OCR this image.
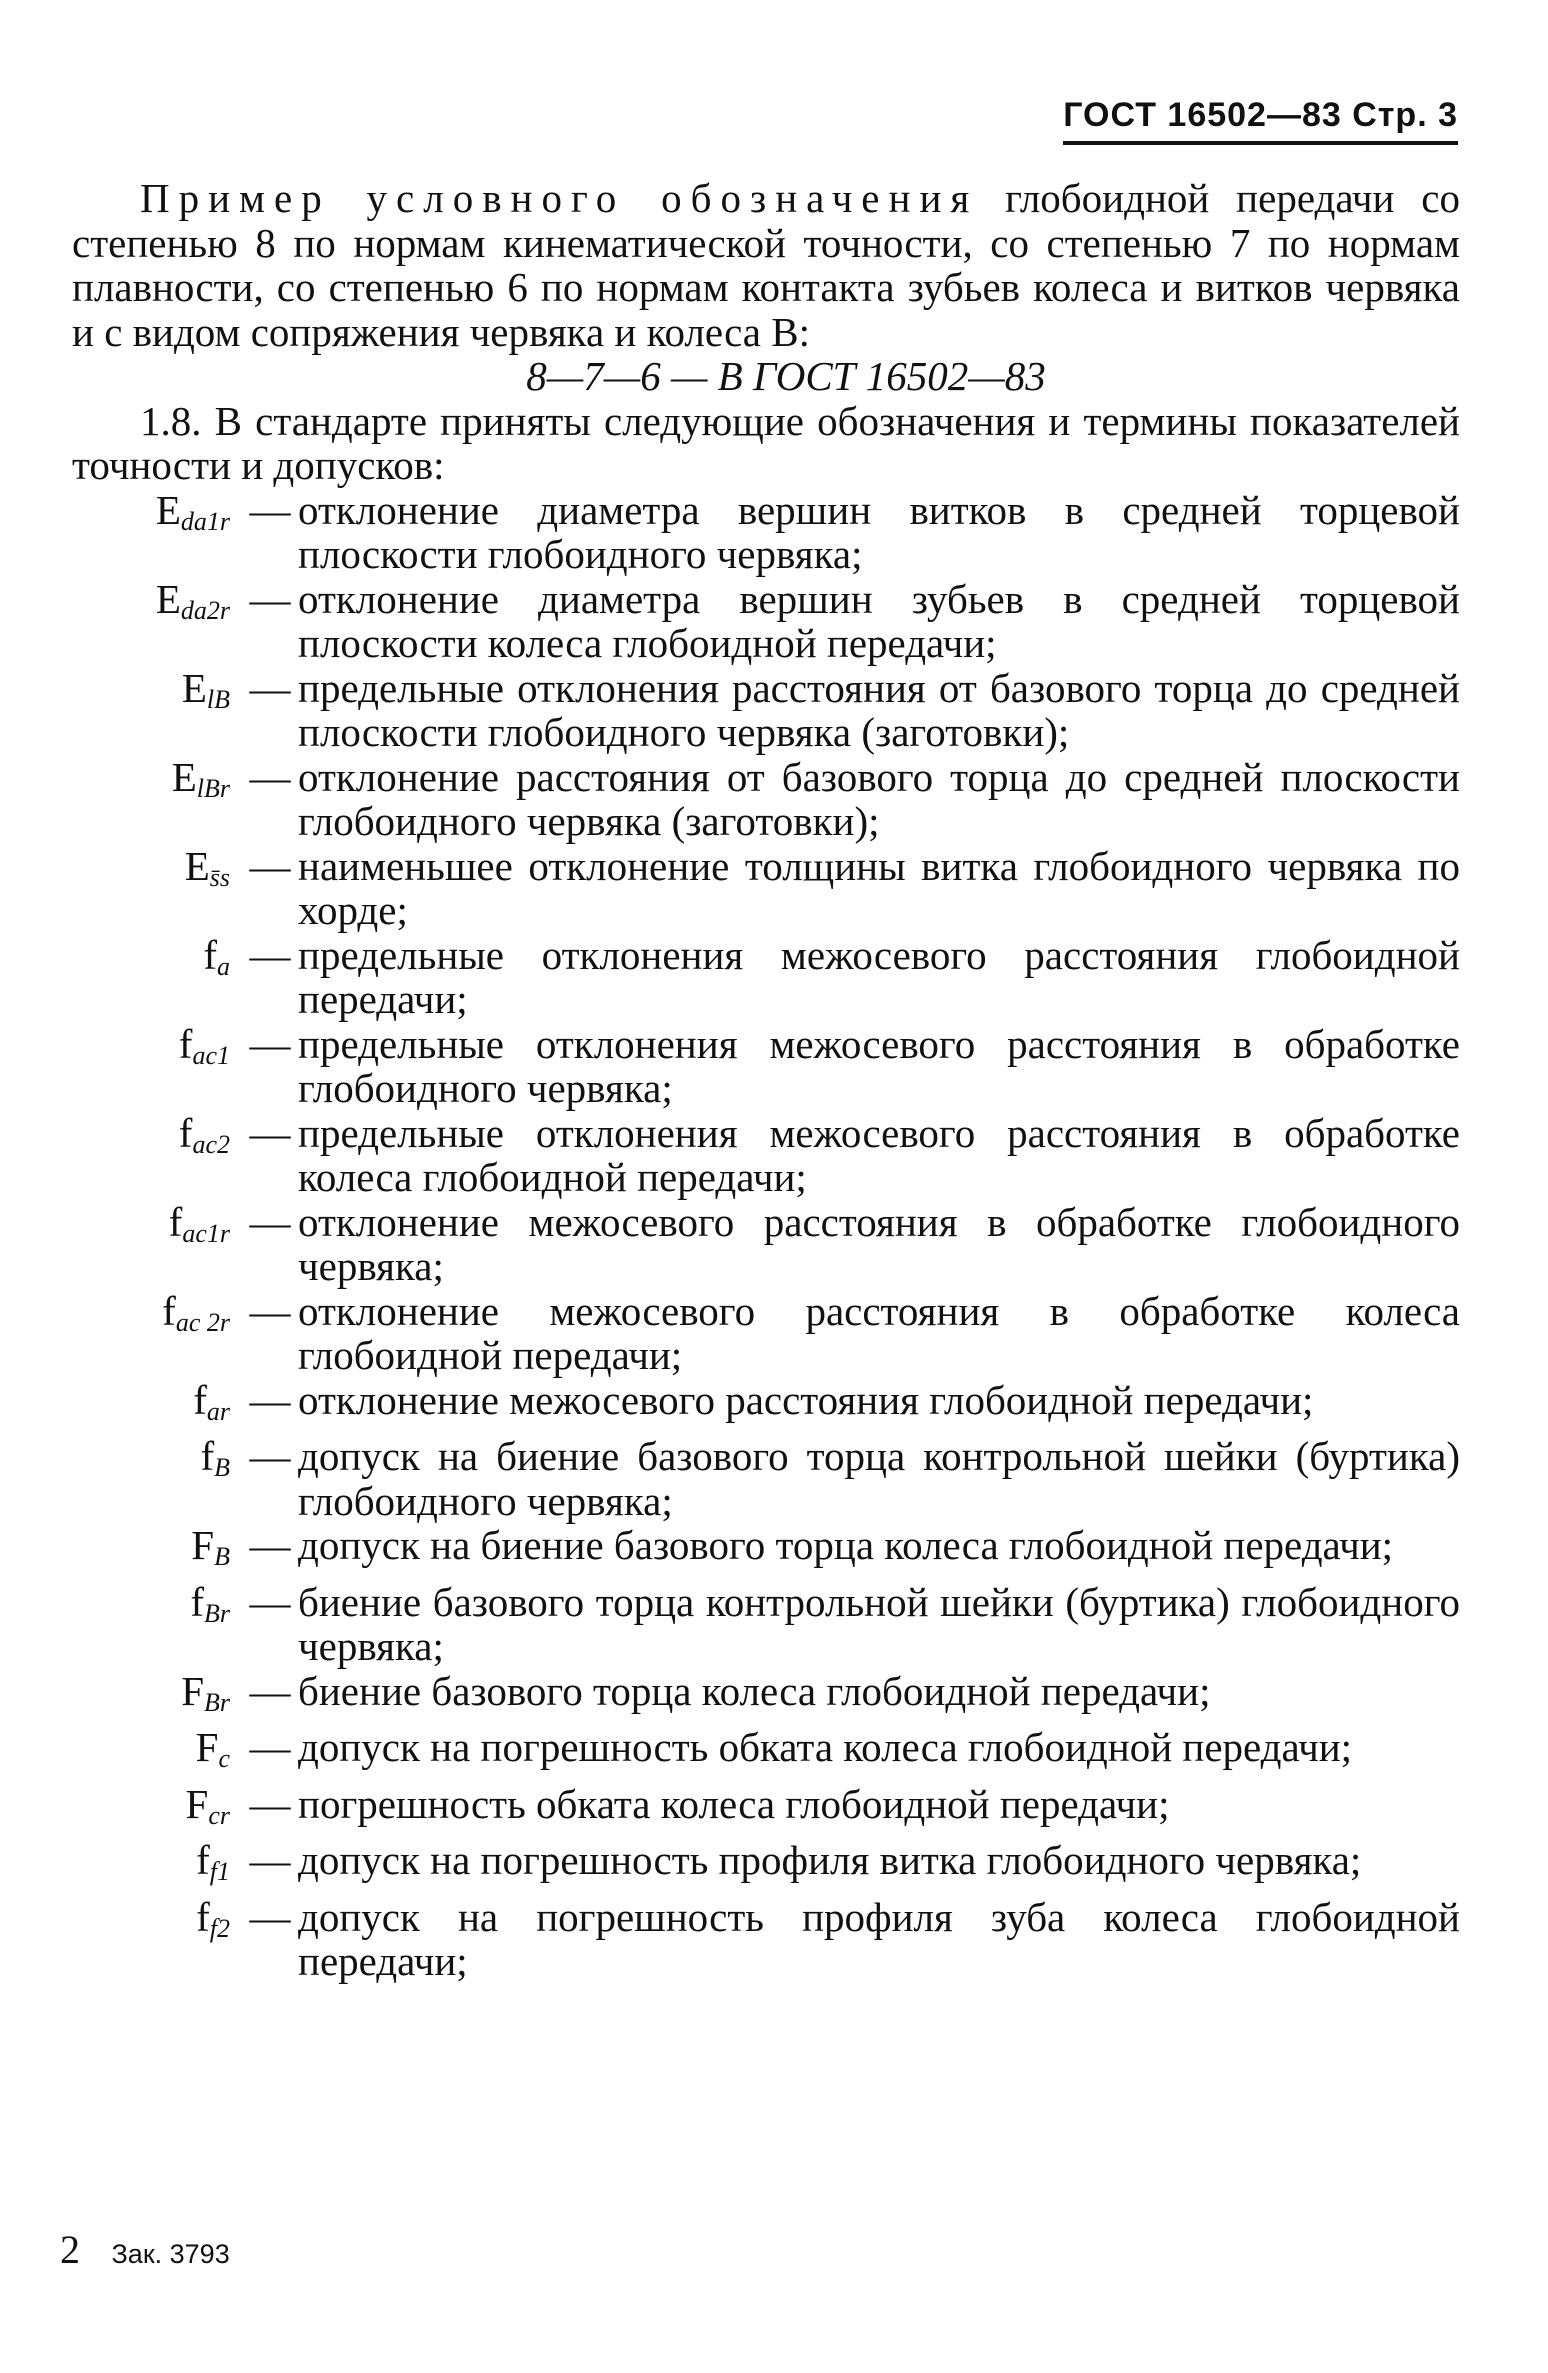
ГОСТ 16502—83 Стр. 3

Пример условного обозначения глобоидной передачи со степенью 8 по нормам кинематической точности, со степенью 7 по нормам плавности, со степенью 6 по нормам контакта зубьев колеса и витков червяка и с видом сопряжения червяка и колеса В:

8—7—6 — В ГОСТ 16502—83

1.8. В стандарте приняты следующие обозначения и термины показателей точности и допусков:

$E_{da1r}$ — отклонение диаметра вершин витков в средней торцевой плоскости глобоидного червяка;
$E_{da2r}$ — отклонение диаметра вершин зубьев в средней торцевой плоскости колеса глобоидной передачи;
$E_{lB}$ — предельные отклонения расстояния от базового торца до средней плоскости глобоидного червяка (заготовки);
$E_{lBr}$ — отклонение расстояния от базового торца до средней плоскости глобоидного червяка (заготовки);
$E_{s̄s}$ — наименьшее отклонение толщины витка глобоидного червяка по хорде;
$f_a$ — предельные отклонения межосевого расстояния глобоидной передачи;
$f_{ac1}$ — предельные отклонения межосевого расстояния в обработке глобоидного червяка;
$f_{ac2}$ — предельные отклонения межосевого расстояния в обработке колеса глобоидной передачи;
$f_{ac1r}$ — отклонение межосевого расстояния в обработке глобоидного червяка;
$f_{ac 2r}$ — отклонение межосевого расстояния в обработке колеса глобоидной передачи;
$f_{ar}$ — отклонение межосевого расстояния глобоидной передачи;
$f_B$ — допуск на биение базового торца контрольной шейки (буртика) глобоидного червяка;
$F_B$ — допуск на биение базового торца колеса глобоидной передачи;
$f_{Br}$ — биение базового торца контрольной шейки (буртика) глобоидного червяка;
$F_{Br}$ — биение базового торца колеса глобоидной передачи;
$F_c$ — допуск на погрешность обката колеса глобоидной передачи;
$F_{cr}$ — погрешность обката колеса глобоидной передачи;
$f_{f1}$ — допуск на погрешность профиля витка глобоидного червяка;
$f_{f2}$ — допуск на погрешность профиля зуба колеса глобоидной передачи;
2 Зак. 3793
